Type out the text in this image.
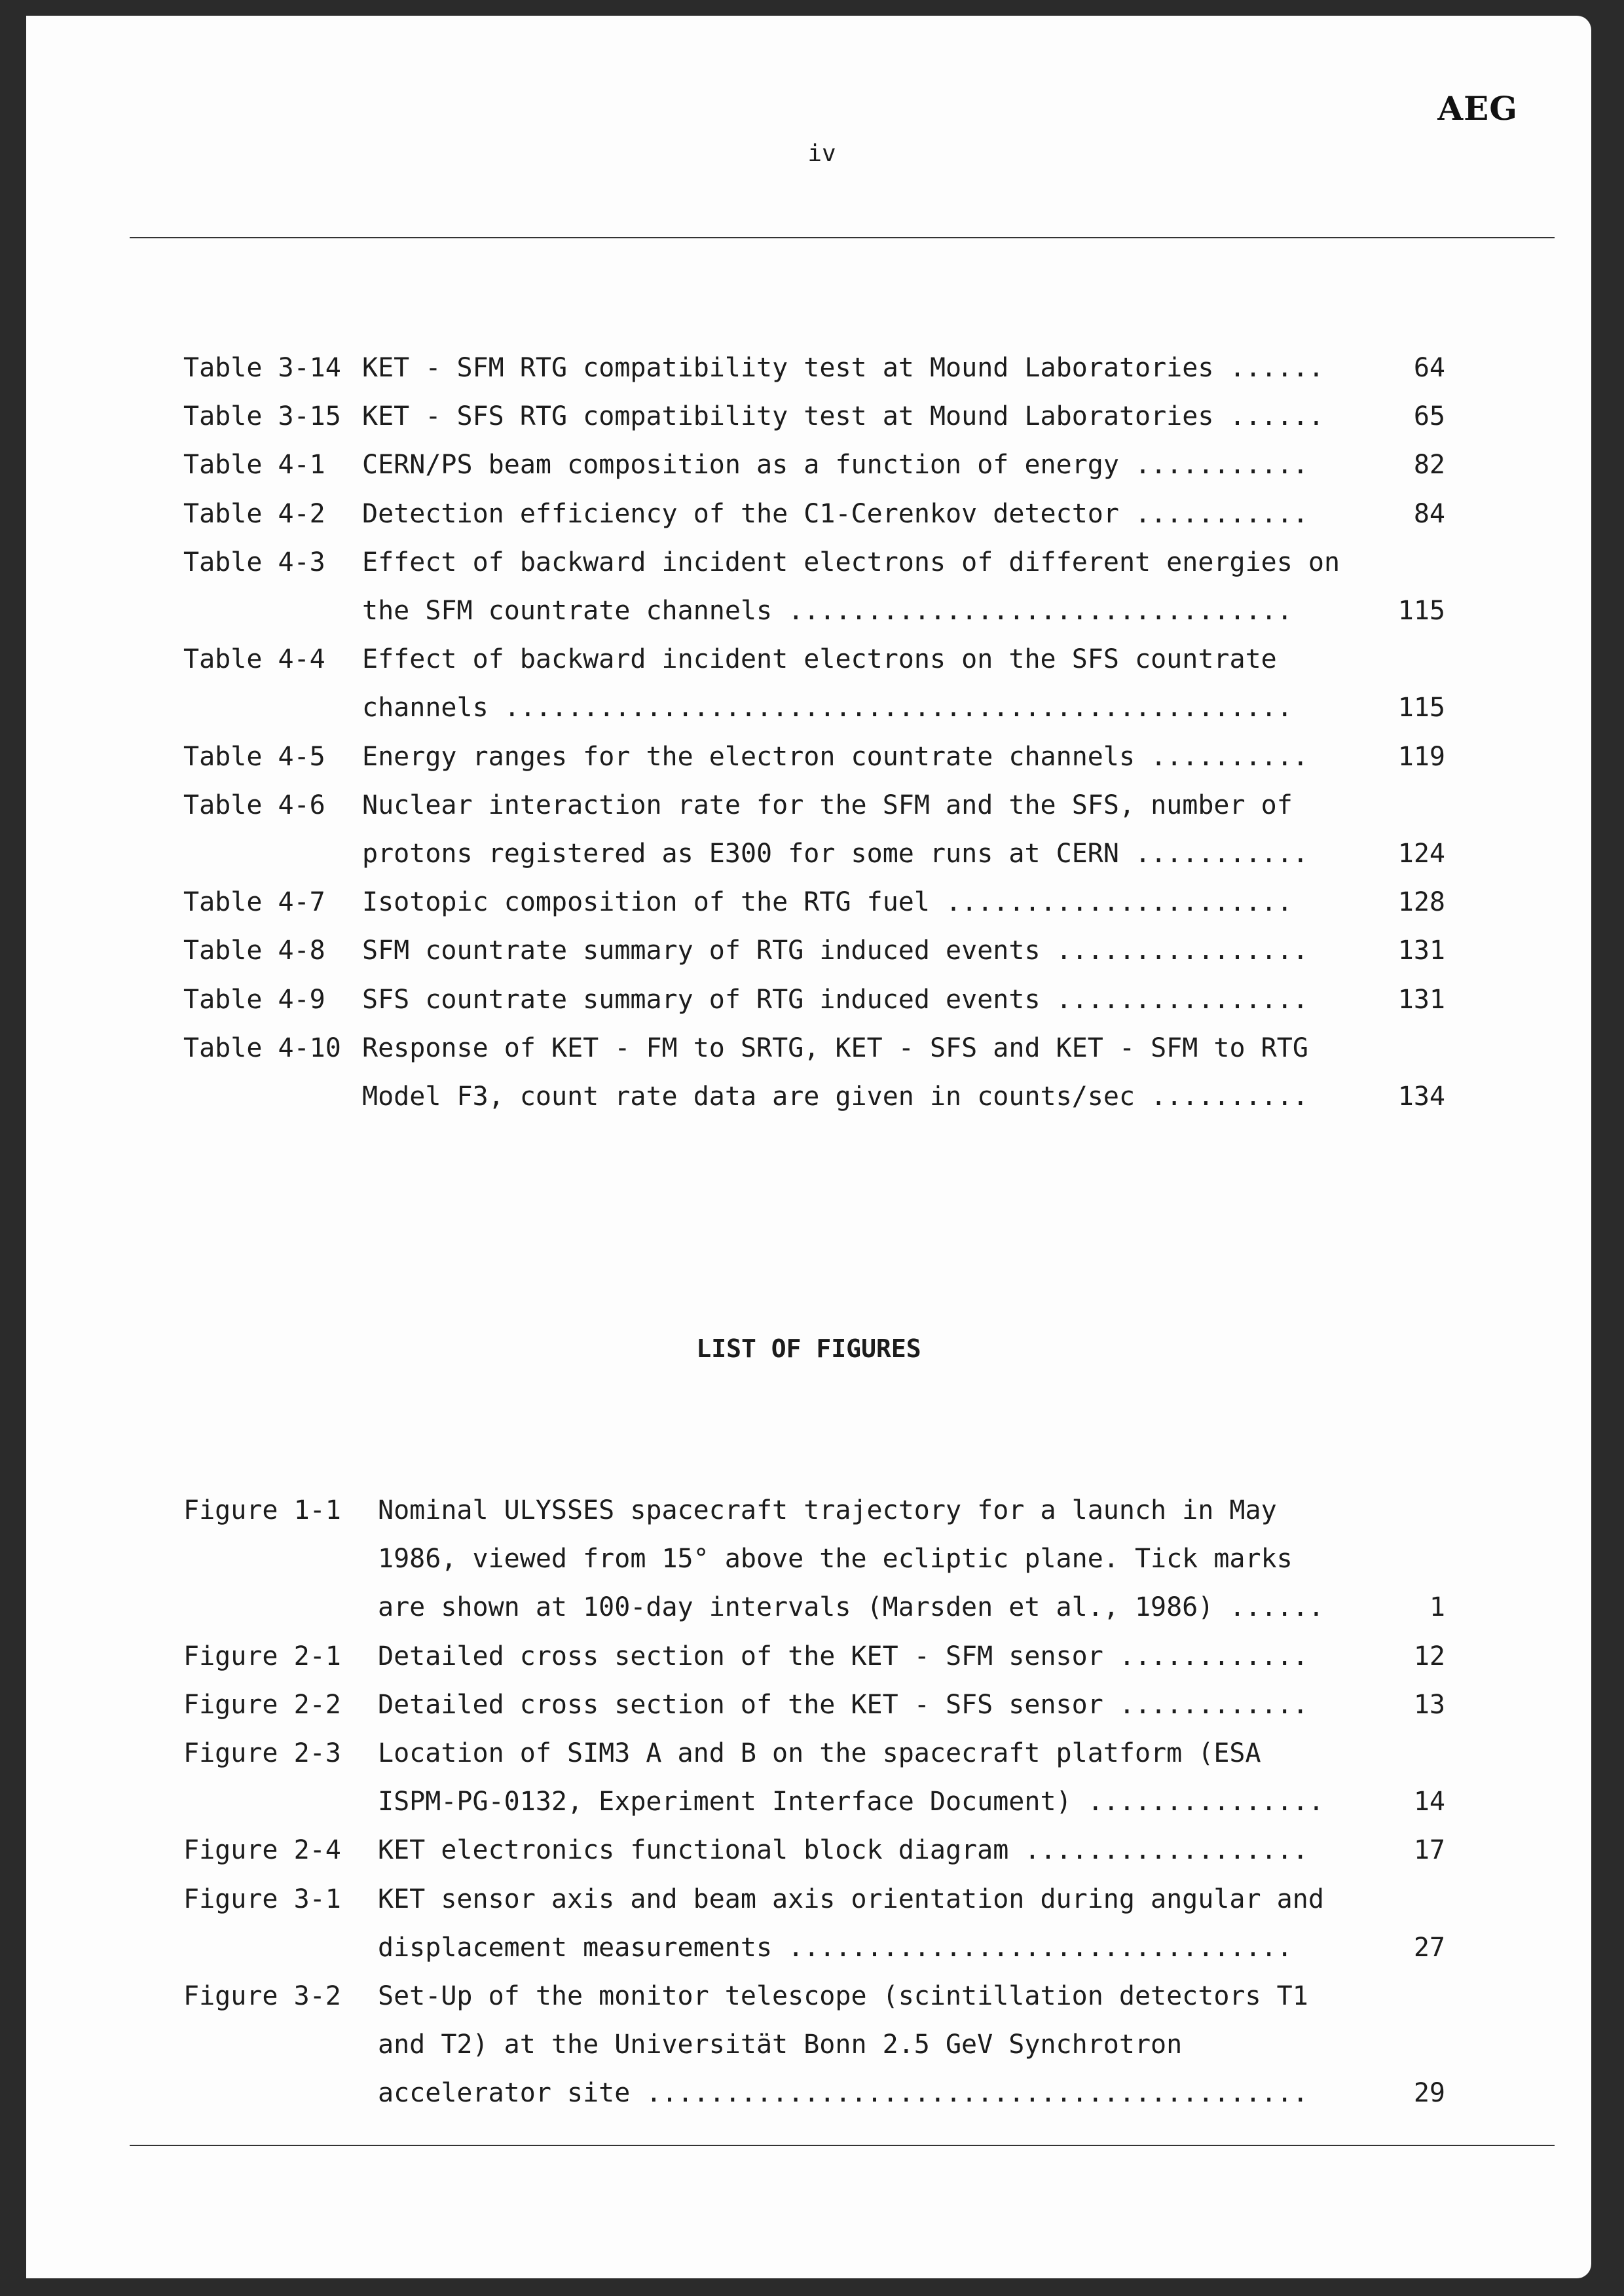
AEG
iv
Table 3-14 KET - SFM RTG compatibility test at Mound Laboratories ......	64
Table 3-15 KET - SFS RTG compatibility test at Mound Laboratories ......	65
Table 4-1 CERN/PS beam composition as a function of energy ...........	82
Table 4-2 Detection efficiency of the C1-Cerenkov detector ...........	84
Table 4-3 Effect of backward incident electrons of different energies on
the SFM countrate channels ................................	115
Table 4-4 Effect of backward incident electrons on the SFS countrate
channels ..................................................	115
Table 4-5 Energy ranges for the electron countrate channels ..........	119
Table 4-6 Nuclear interaction rate for the SFM and the SFS, number of
protons registered as E300 for some runs at CERN ...........	124
Table 4-7 Isotopic composition of the RTG fuel ......................	128
Table 4-8 SFM countrate summary of RTG induced events ................	131
Table 4-9 SFS countrate summary of RTG induced events ................	131
Table 4-10 Response of KET - FM to SRTG, KET - SFS and KET - SFM to RTG
Model F3, count rate data are given in counts/sec ..........	134
Figure 1-1 Nominal ULYSSES spacecraft trajectory for a launch in May
1986, viewed from 15° above the ecliptic plane. Tick marks
are shown at 100-day intervals (Marsden et al., 1986) ......	1
Figure 2-1 Detailed cross section of the KET - SFM sensor ............	12
Figure 2-2 Detailed cross section of the KET - SFS sensor ............	13
Figure 2-3 Location of SIM3 A and B on the spacecraft platform (ESA
ISPM-PG-0132, Experiment Interface Document) ...............	14
Figure 2-4 KET electronics functional block diagram ..................	17
Figure 3-1 KET sensor axis and beam axis orientation during angular and
displacement measurements ................................	27
Figure 3-2 Set-Up of the monitor telescope (scintillation detectors T1
and T2) at the Universität Bonn 2.5 GeV Synchrotron
accelerator site ..........................................	29
LIST OF FIGURES
